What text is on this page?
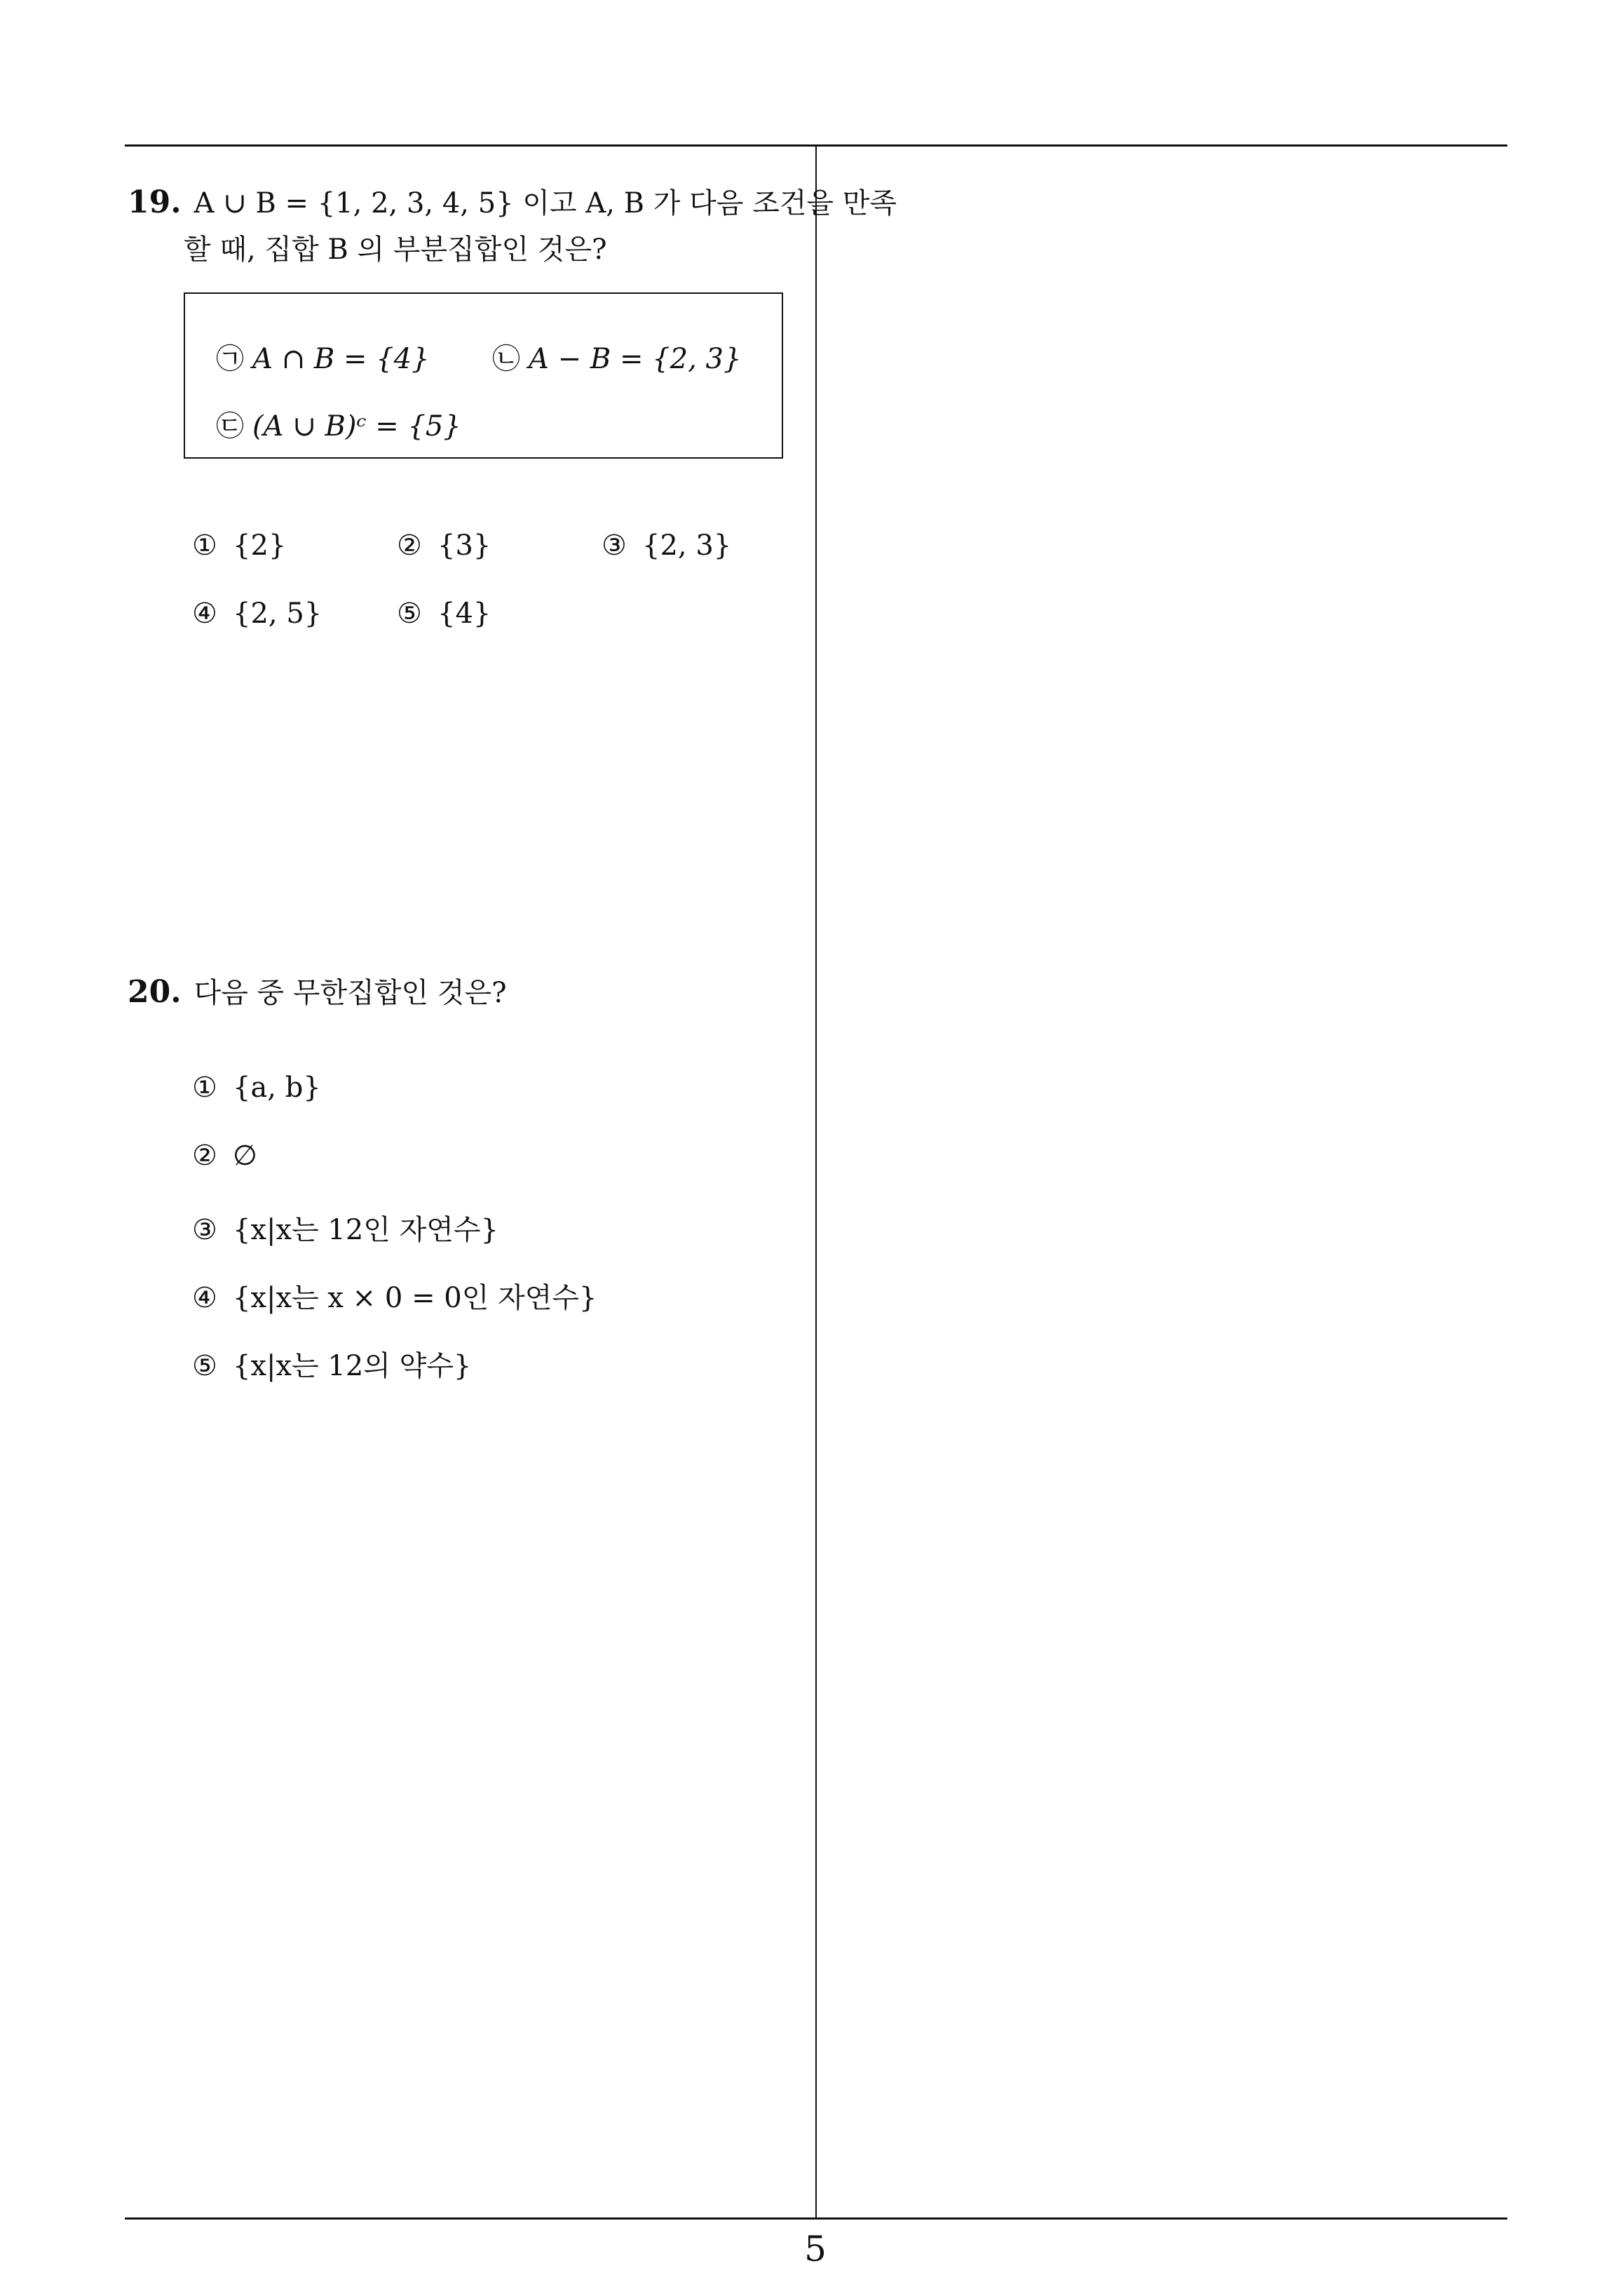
19. A ∪ B = {1, 2, 3, 4, 5} 이고 A, B 가 다음 조건을 만족
할 때, 집합 B 의 부분집합인 것은?
㉠ A ∩ B = {4} ㉡ A − B = {2, 3}
㉢ (A ∪ B)ᶜ = {5}
① {2}	② {3}	③ {2, 3}
④ {2, 5}	⑤ {4}
20. 다음 중 무한집합인 것은?
① {a, b}
② ∅
③ {x|x는 12인 자연수}
④ {x|x는 x × 0 = 0인 자연수}
⑤ {x|x는 12의 약수}
5
